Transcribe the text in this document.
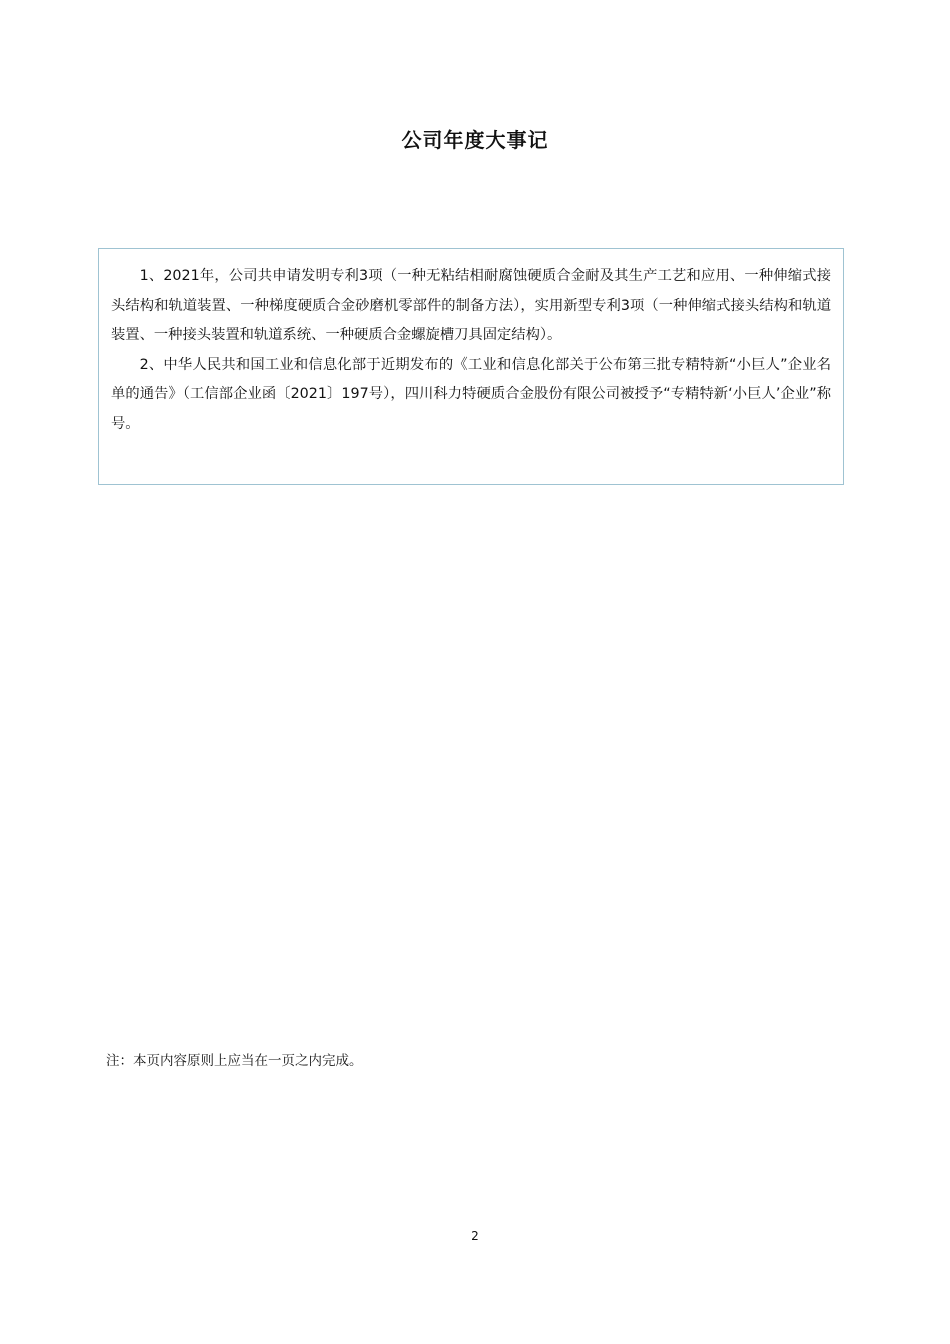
公司年度大事记

1、2021年，公司共申请发明专利3项（一种无粘结相耐腐蚀硬质合金耐及其生产工艺和应用、一种伸缩式接头结构和轨道装置、一种梯度硬质合金砂磨机零部件的制备方法），实用新型专利3项（一种伸缩式接头结构和轨道装置、一种接头装置和轨道系统、一种硬质合金螺旋槽刀具固定结构）。

2、中华人民共和国工业和信息化部于近期发布的《工业和信息化部关于公布第三批专精特新“小巨人”企业名单的通告》（工信部企业函〔2021〕197号），四川科力特硬质合金股份有限公司被授予“专精特新‘小巨人’企业”称号。

注：本页内容原则上应当在一页之内完成。

2
